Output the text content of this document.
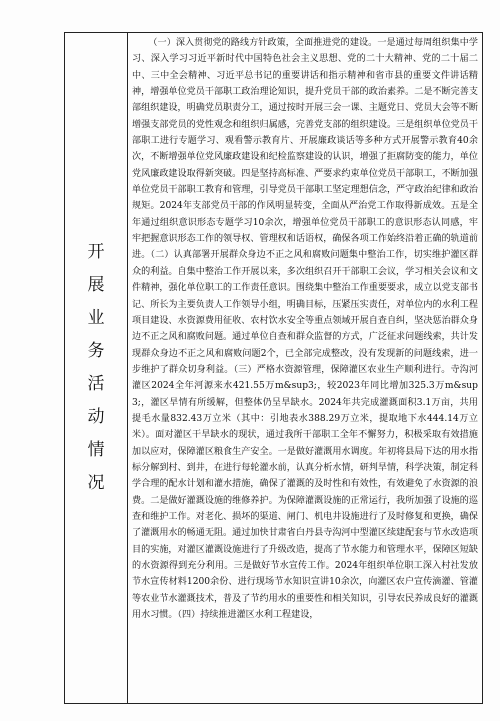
开
展
业
务
活
动
情
况

（一）深入贯彻党的路线方针政策，全面推进党的建设。一是通过每周组织集中学习、深入学习习近平新时代中国特色社会主义思想、党的二十大精神、党的二十届二中、三中全会精神、习近平总书记的重要讲话和指示精神和省市县的重要文件讲话精神，增强单位党员干部职工政治理论知识，提升党员干部的政治素养。二是不断完善支部组织建设，明确党员职责分工，通过按时开展三会一课、主题党日、党员大会等不断增强支部党员的党性观念和组织归属感，完善党支部的组织建设。三是组织单位党员干部职工进行专题学习、观看警示教育片、开展廉政谈话等多种方式开展警示教育40余次，不断增强单位党风廉政建设和纪检监察建设的认识，增强了拒腐防变的能力，单位党风廉政建设取得新突破。四是坚持高标准、严要求约束单位党员干部职工，不断加强单位党员干部职工教育和管理，引导党员干部职工坚定理想信念，严守政治纪律和政治规矩。2024年支部党员干部的作风明显转变，全面从严治党工作取得新成效。五是全年通过组织意识形态专题学习10余次，增强单位党员干部职工的意识形态认同感，牢牢把握意识形态工作的领导权、管理权和话语权，确保各项工作始终沿着正确的轨道前进。（二）认真部署开展群众身边不正之风和腐败问题集中整治工作，切实维护灌区群众的利益。自集中整治工作开展以来，多次组织召开干部职工会议，学习相关会议和文件精神，强化单位职工的工作责任意识。围绕集中整治工作重要要求，成立以党支部书记、所长为主要负责人工作领导小组，明确目标，压紧压实责任，对单位内的水利工程项目建设、水资源费用征收、农村饮水安全等重点领域开展自查自纠，坚决惩治群众身边不正之风和腐败问题。通过单位自查和群众监督的方式，广泛征求问题线索，共计发现群众身边不正之风和腐败问题2个，已全部完成整改，没有发现新的问题线索，进一步维护了群众切身利益。（三）严格水资源管理，保障灌区农业生产顺利进行。寺沟河灌区2024全年河源来水421.55万m&sup3;，较2023年同比增加325.3万m&sup3;，灌区旱情有所缓解，但整体仍呈旱缺水。2024年共完成灌溉面积3.1万亩，共用提毛水量832.43万立米（其中：引地表水388.29万立米，提取地下水444.14万立米）。面对灌区干旱缺水的现状，通过我所干部职工全年不懈努力，积极采取有效措施加以应对，保障灌区粮食生产安全。一是做好灌溉用水调度。年初将县局下达的用水指标分解到村、到井，在进行每轮灌水前，认真分析水情，研判旱情，科学决策，制定科学合理的配水计划和灌水措施，确保了灌溉的及时性和有效性，有效避免了水资源的浪费。二是做好灌溉设施的维修养护。为保障灌溉设施的正常运行，我所加强了设施的巡查和维护工作。对老化、损坏的渠道、闸门、机电井设施进行了及时修复和更换，确保了灌溉用水的畅通无阻。通过加快甘肃省白丹县寺沟河中型灌区续建配套与节水改造项目的实施，对灌区灌溉设施进行了升级改造，提高了节水能力和管理水平，保障区短缺的水资源得到充分利用。三是做好节水宣传工作。2024年组织单位职工深入村社发放节水宣传材料1200余份、进行现场节水知识宣讲10余次，向灌区农户宣传滴灌、管灌等农业节水灌溉技术，普及了节约用水的重要性和相关知识，引导农民养成良好的灌溉用水习惯。（四）持续推进灌区水利工程建设，
